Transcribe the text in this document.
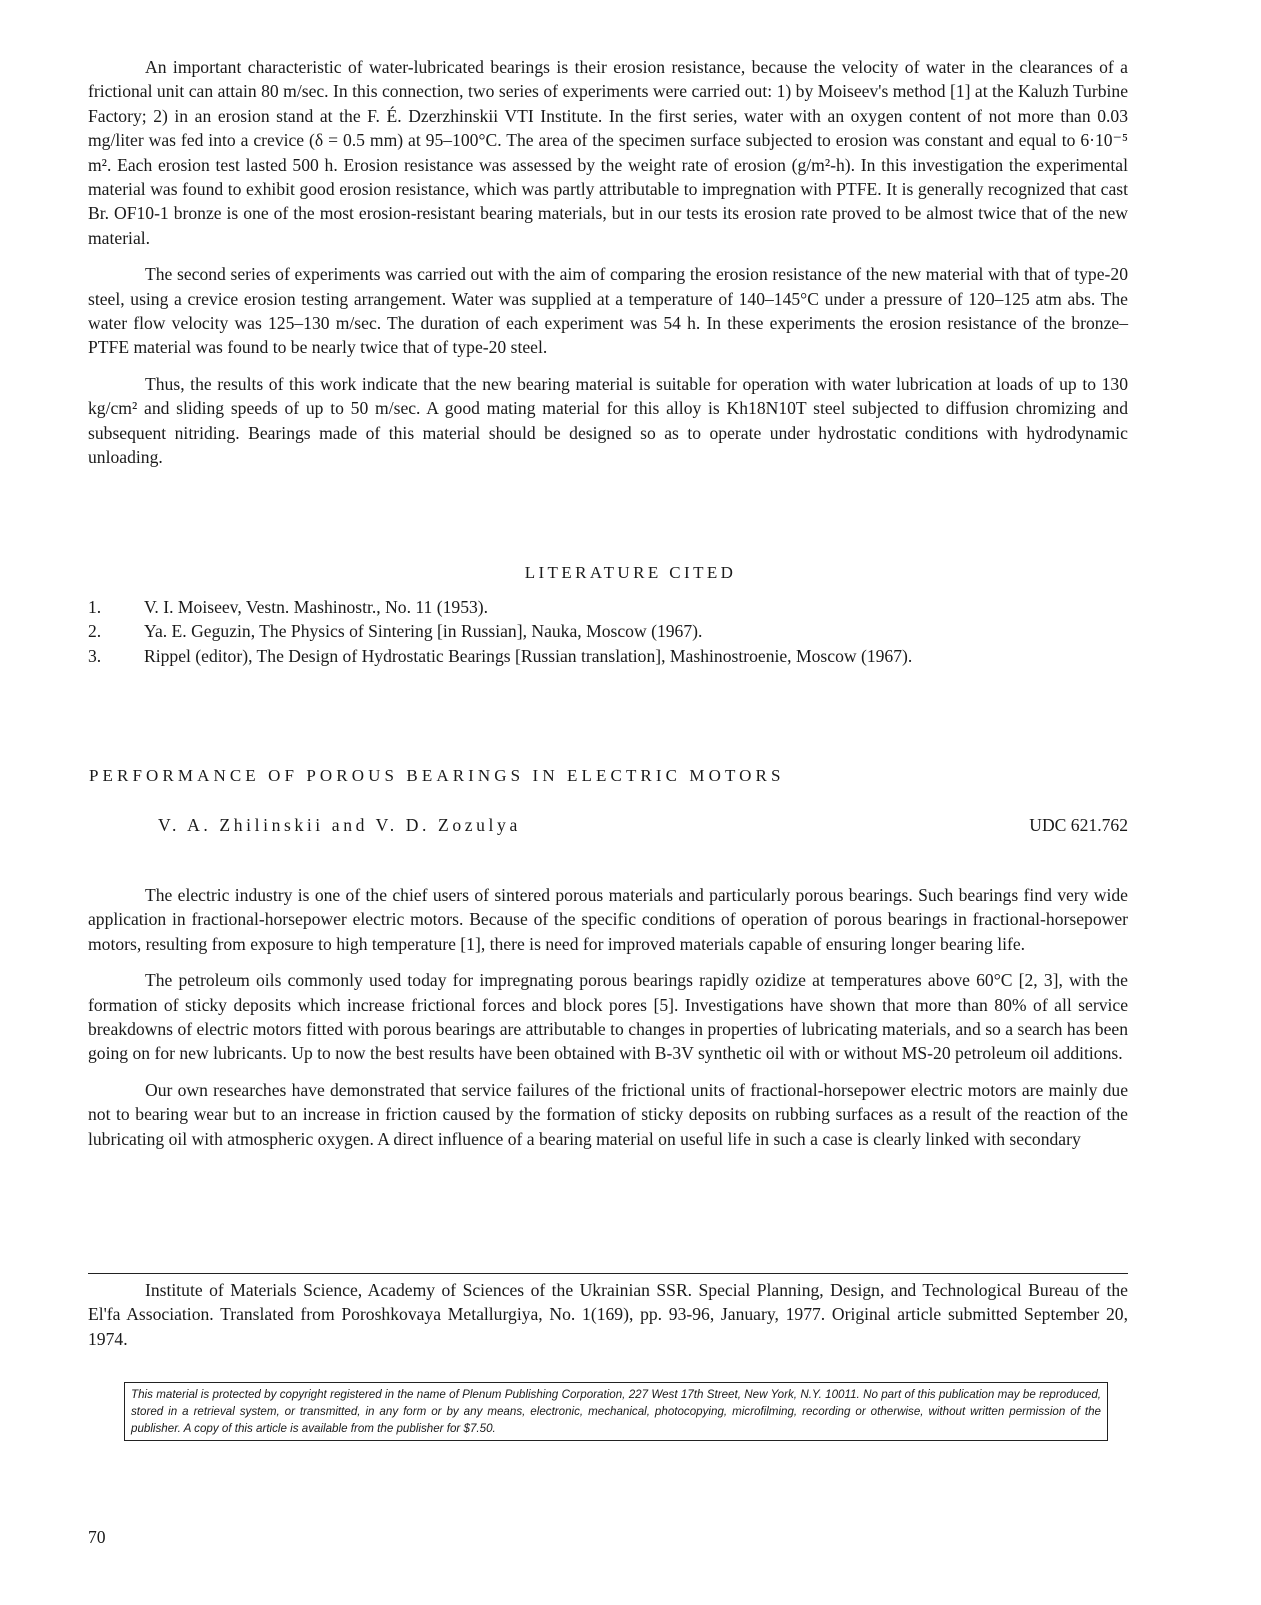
An important characteristic of water-lubricated bearings is their erosion resistance, because the velocity of water in the clearances of a frictional unit can attain 80 m/sec. In this connection, two series of experiments were carried out: 1) by Moiseev's method [1] at the Kaluzh Turbine Factory; 2) in an erosion stand at the F. É. Dzerzhinskii VTI Institute. In the first series, water with an oxygen content of not more than 0.03 mg/liter was fed into a crevice (δ = 0.5 mm) at 95–100°C. The area of the specimen surface subjected to erosion was constant and equal to 6·10⁻⁵ m². Each erosion test lasted 500 h. Erosion resistance was assessed by the weight rate of erosion (g/m²-h). In this investigation the experimental material was found to exhibit good erosion resistance, which was partly attributable to impregnation with PTFE. It is generally recognized that cast Br. OF10-1 bronze is one of the most erosion-resistant bearing materials, but in our tests its erosion rate proved to be almost twice that of the new material.

The second series of experiments was carried out with the aim of comparing the erosion resistance of the new material with that of type-20 steel, using a crevice erosion testing arrangement. Water was supplied at a temperature of 140–145°C under a pressure of 120–125 atm abs. The water flow velocity was 125–130 m/sec. The duration of each experiment was 54 h. In these experiments the erosion resistance of the bronze–PTFE material was found to be nearly twice that of type-20 steel.

Thus, the results of this work indicate that the new bearing material is suitable for operation with water lubrication at loads of up to 130 kg/cm² and sliding speeds of up to 50 m/sec. A good mating material for this alloy is Kh18N10T steel subjected to diffusion chromizing and subsequent nitriding. Bearings made of this material should be designed so as to operate under hydrostatic conditions with hydrodynamic unloading.

LITERATURE CITED
1.	V. I. Moiseev, Vestn. Mashinostr., No. 11 (1953).
2.	Ya. E. Geguzin, The Physics of Sintering [in Russian], Nauka, Moscow (1967).
3.	Rippel (editor), The Design of Hydrostatic Bearings [Russian translation], Mashinostroenie, Moscow (1967).
PERFORMANCE OF POROUS BEARINGS IN ELECTRIC MOTORS
V. A. Zhilinskii and V. D. Zozulya	UDC 621.762

The electric industry is one of the chief users of sintered porous materials and particularly porous bearings. Such bearings find very wide application in fractional-horsepower electric motors. Because of the specific conditions of operation of porous bearings in fractional-horsepower motors, resulting from exposure to high temperature [1], there is need for improved materials capable of ensuring longer bearing life.

The petroleum oils commonly used today for impregnating porous bearings rapidly ozidize at temperatures above 60°C [2, 3], with the formation of sticky deposits which increase frictional forces and block pores [5]. Investigations have shown that more than 80% of all service breakdowns of electric motors fitted with porous bearings are attributable to changes in properties of lubricating materials, and so a search has been going on for new lubricants. Up to now the best results have been obtained with B-3V synthetic oil with or without MS-20 petroleum oil additions.

Our own researches have demonstrated that service failures of the frictional units of fractional-horsepower electric motors are mainly due not to bearing wear but to an increase in friction caused by the formation of sticky deposits on rubbing surfaces as a result of the reaction of the lubricating oil with atmospheric oxygen. A direct influence of a bearing material on useful life in such a case is clearly linked with secondary

Institute of Materials Science, Academy of Sciences of the Ukrainian SSR. Special Planning, Design, and Technological Bureau of the El'fa Association. Translated from Poroshkovaya Metallurgiya, No. 1(169), pp. 93-96, January, 1977. Original article submitted September 20, 1974.
This material is protected by copyright registered in the name of Plenum Publishing Corporation, 227 West 17th Street, New York, N.Y. 10011. No part of this publication may be reproduced, stored in a retrieval system, or transmitted, in any form or by any means, electronic, mechanical, photocopying, microfilming, recording or otherwise, without written permission of the publisher. A copy of this article is available from the publisher for $7.50.
70
